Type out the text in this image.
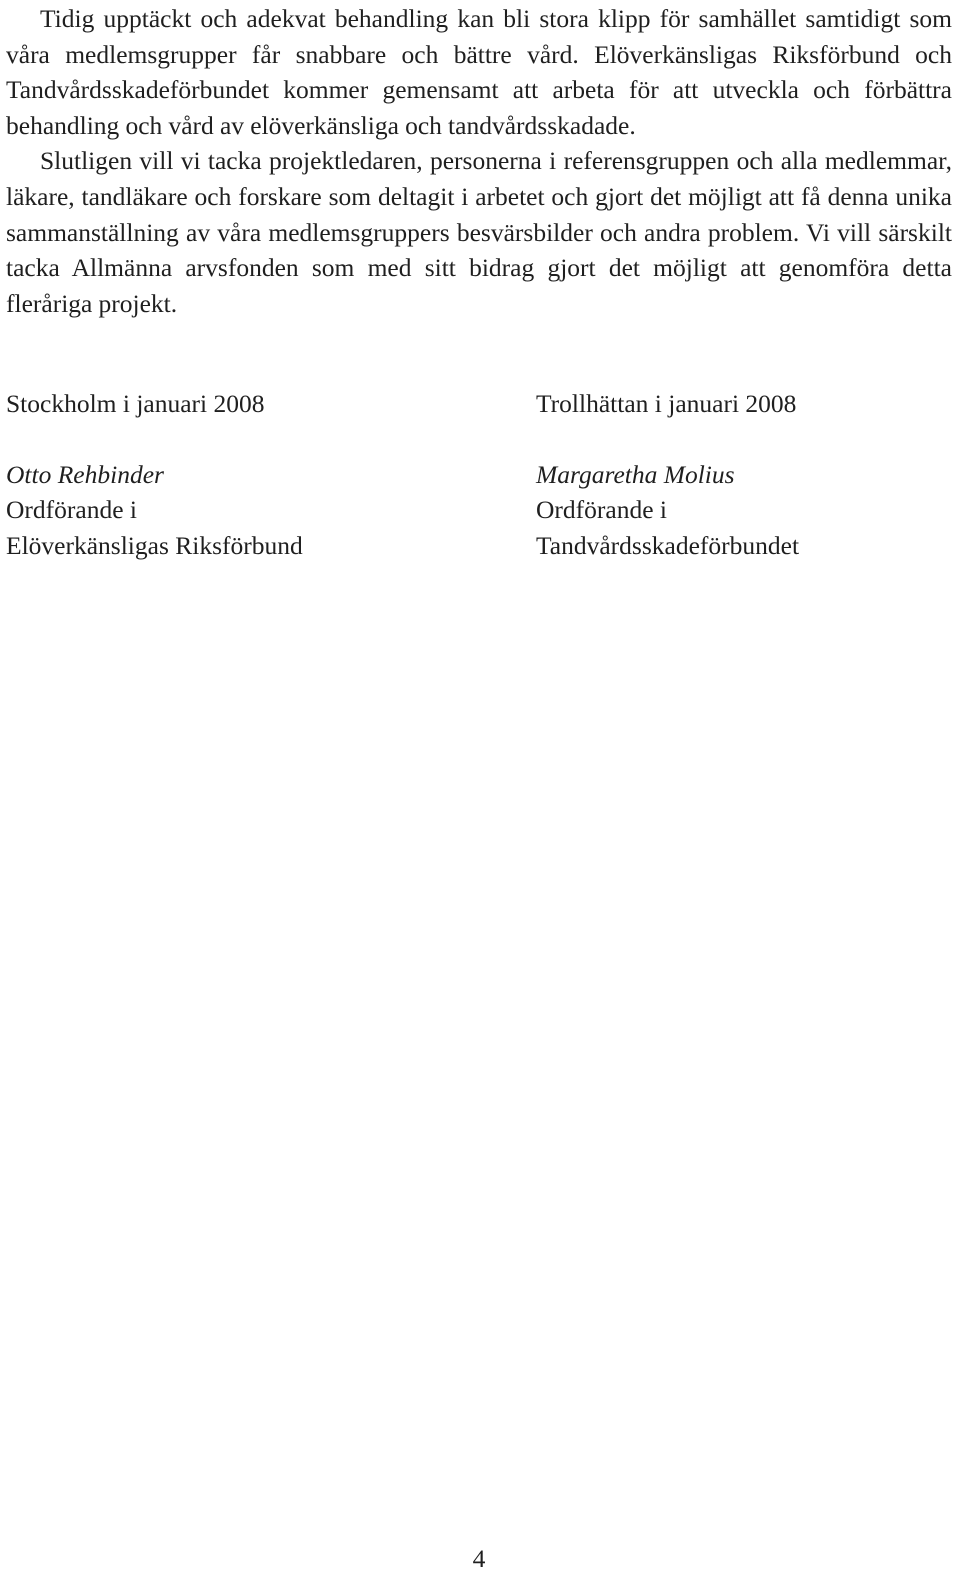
Tidig upptäckt och adekvat behandling kan bli stora klipp för samhället samtidigt som våra medlemsgrupper får snabbare och bättre vård. Elöverkänsligas Riksförbund och Tandvårdsskadeförbundet kommer gemensamt att arbeta för att utveckla och förbättra behandling och vård av elöverkänsliga och tandvårdsskadade.

Slutligen vill vi tacka projektledaren, personerna i referensgruppen och alla medlemmar, läkare, tandläkare och forskare som deltagit i arbetet och gjort det möjligt att få denna unika sammanställning av våra medlemsgruppers besvärsbilder och andra problem. Vi vill särskilt tacka Allmänna arvsfonden som med sitt bidrag gjort det möjligt att genomföra detta fleråriga projekt.

Stockholm i januari 2008
Otto Rehbinder
Ordförande i
Elöverkänsligas Riksförbund
Trollhättan i januari 2008
Margaretha Molius
Ordförande i
Tandvårdsskadeförbundet
4
